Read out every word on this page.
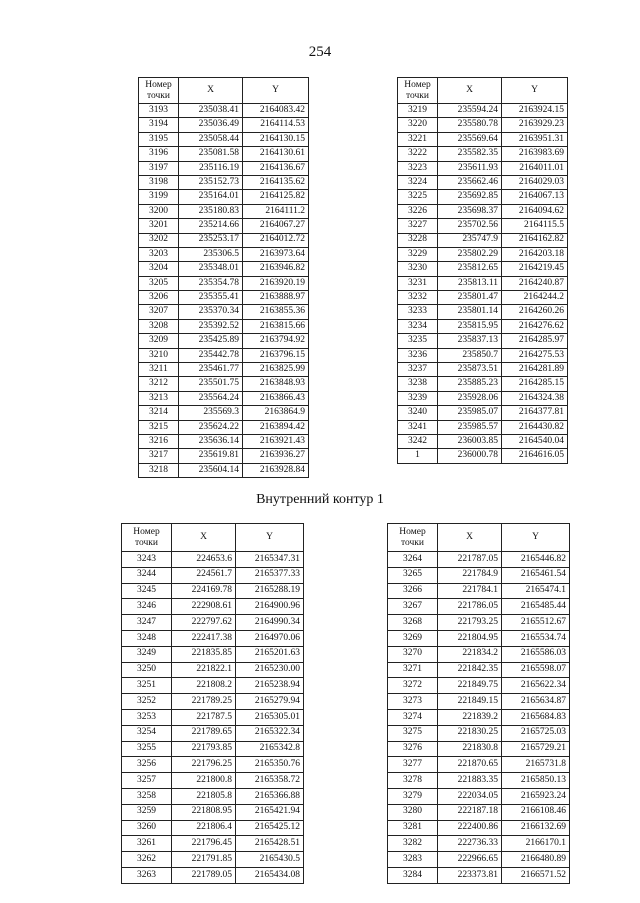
254
Номер
точки	X	Y
3193	235038.41	2164083.42
3194	235036.49	2164114.53
3195	235058.44	2164130.15
3196	235081.58	2164130.61
3197	235116.19	2164136.67
3198	235152.73	2164135.62
3199	235164.01	2164125.82
3200	235180.83	2164111.2
3201	235214.66	2164067.27
3202	235253.17	2164012.72
3203	235306.5	2163973.64
3204	235348.01	2163946.82
3205	235354.78	2163920.19
3206	235355.41	2163888.97
3207	235370.34	2163855.36
3208	235392.52	2163815.66
3209	235425.89	2163794.92
3210	235442.78	2163796.15
3211	235461.77	2163825.99
3212	235501.75	2163848.93
3213	235564.24	2163866.43
3214	235569.3	2163864.9
3215	235624.22	2163894.42
3216	235636.14	2163921.43
3217	235619.81	2163936.27
3218	235604.14	2163928.84
Номер
точки	X	Y
3219	235594.24	2163924.15
3220	235580.78	2163929.23
3221	235569.64	2163951.31
3222	235582.35	2163983.69
3223	235611.93	2164011.01
3224	235662.46	2164029.03
3225	235692.85	2164067.13
3226	235698.37	2164094.62
3227	235702.56	2164115.5
3228	235747.9	2164162.82
3229	235802.29	2164203.18
3230	235812.65	2164219.45
3231	235813.11	2164240.87
3232	235801.47	2164244.2
3233	235801.14	2164260.26
3234	235815.95	2164276.62
3235	235837.13	2164285.97
3236	235850.7	2164275.53
3237	235873.51	2164281.89
3238	235885.23	2164285.15
3239	235928.06	2164324.38
3240	235985.07	2164377.81
3241	235985.57	2164430.82
3242	236003.85	2164540.04
1	236000.78	2164616.05
Внутренний контур 1
Номер
точки	X	Y
3243	224653.6	2165347.31
3244	224561.7	2165377.33
3245	224169.78	2165288.19
3246	222908.61	2164900.96
3247	222797.62	2164990.34
3248	222417.38	2164970.06
3249	221835.85	2165201.63
3250	221822.1	2165230.00
3251	221808.2	2165238.94
3252	221789.25	2165279.94
3253	221787.5	2165305.01
3254	221789.65	2165322.34
3255	221793.85	2165342.8
3256	221796.25	2165350.76
3257	221800.8	2165358.72
3258	221805.8	2165366.88
3259	221808.95	2165421.94
3260	221806.4	2165425.12
3261	221796.45	2165428.51
3262	221791.85	2165430.5
3263	221789.05	2165434.08
Номер
точки	X	Y
3264	221787.05	2165446.82
3265	221784.9	2165461.54
3266	221784.1	2165474.1
3267	221786.05	2165485.44
3268	221793.25	2165512.67
3269	221804.95	2165534.74
3270	221834.2	2165586.03
3271	221842.35	2165598.07
3272	221849.75	2165622.34
3273	221849.15	2165634.87
3274	221839.2	2165684.83
3275	221830.25	2165725.03
3276	221830.8	2165729.21
3277	221870.65	2165731.8
3278	221883.35	2165850.13
3279	222034.05	2165923.24
3280	222187.18	2166108.46
3281	222400.86	2166132.69
3282	222736.33	2166170.1
3283	222966.65	2166480.89
3284	223373.81	2166571.52
